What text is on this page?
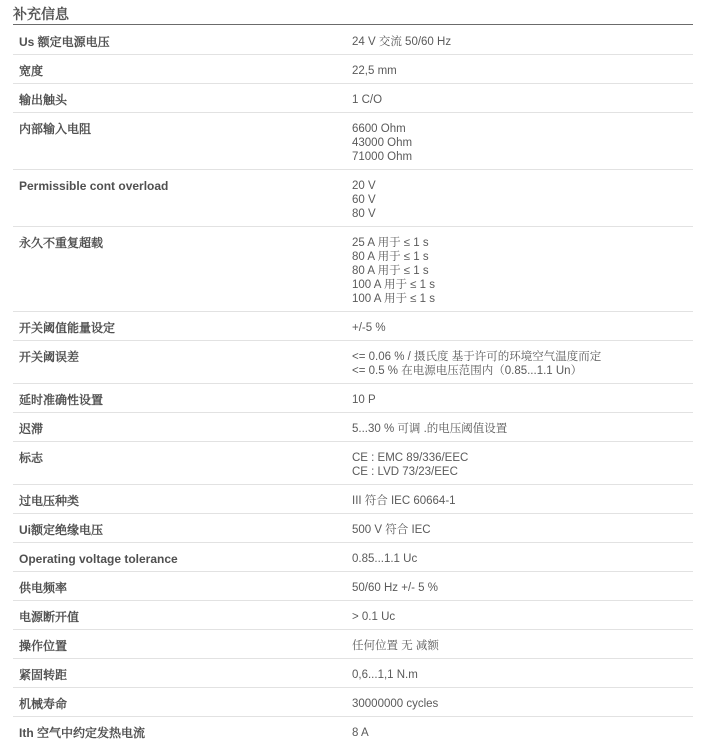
补充信息
Us 额定电源电压	24 V 交流 50/60 Hz
宽度	22,5 mm
输出触头	1 C/O
内部输入电阻	6600 Ohm
43000 Ohm
71000 Ohm
Permissible cont overload	20 V
60 V
80 V
永久不重复超载	25 A 用于 ≤ 1 s
80 A 用于 ≤ 1 s
80 A 用于 ≤ 1 s
100 A 用于 ≤ 1 s
100 A 用于 ≤ 1 s
开关阈值能量设定	+/-5 %
开关阈误差	<= 0.06 % / 摄氏度 基于许可的环境空气温度而定
<= 0.5 % 在电源电压范围内（0.85...1.1 Un）
延时准确性设置	10 P
迟滞	5...30 % 可调 .的电压阈值设置
标志	CE : EMC 89/336/EEC
CE : LVD 73/23/EEC
过电压种类	III 符合 IEC 60664-1
Ui额定绝缘电压	500 V 符合 IEC
Operating voltage tolerance	0.85...1.1 Uc
供电频率	50/60 Hz +/- 5 %
电源断开值	> 0.1 Uc
操作位置	任何位置 无 减额
紧固转距	0,6...1,1 N.m
机械寿命	30000000 cycles
Ith 空气中约定发热电流	8 A
